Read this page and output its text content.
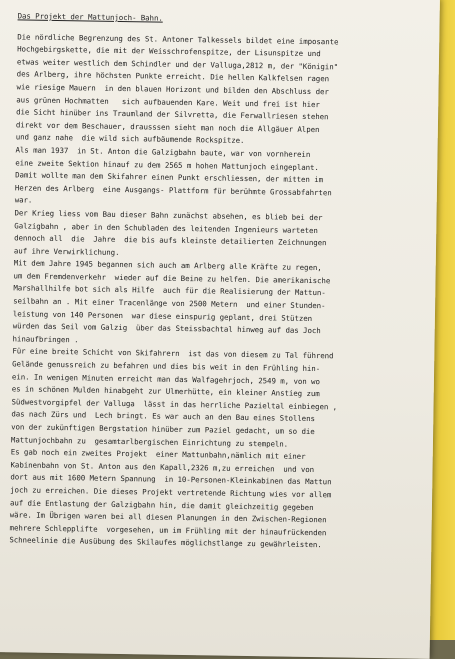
Das Projekt der Mattunjoch- Bahn.
Die nördliche Begrenzung des St. Antoner Talkessels bildet eine imposante
Hochgebirgskette, die mit der Weisschrofenspitze, der Lisunspitze und
etwas weiter westlich dem Schindler und der Valluga,2812 m, der "Königin"
des Arlberg, ihre höchsten Punkte erreicht. Die hellen Kalkfelsen ragen
wie riesige Mauern  in den blauen Horizont und bilden den Abschluss der
aus grünen Hochmatten   sich aufbauenden Kare. Weit und frei ist hier
die Sicht hinüber ins Traumland der Silvretta, die Ferwallriesen stehen
direkt vor dem Beschauer, drausssen sieht man noch die Allgäuer Alpen
und ganz nahe  die wild sich aufbäumende Rockspitze.
Als man 1937  in St. Anton die Galzigbahn baute, war von vornherein
eine zweite Sektion hinauf zu dem 2565 m hohen Mattunjoch eingeplant.
Damit wollte man dem Skifahrer einen Punkt erschliessen, der mitten im
Herzen des Arlberg  eine Ausgangs- Plattform für berühmte Grossabfahrten
war.
Der Krieg liess vom Bau dieser Bahn zunächst absehen, es blieb bei der
Galzigbahn , aber in den Schubladen des leitenden Ingenieurs warteten
dennoch all  die  Jahre  die bis aufs kleinste detailierten Zeichnungen
auf ihre Verwirklichung.
Mit dem Jahre 1945 begannen sich auch am Arlberg alle Kräfte zu regen,
um dem Fremdenverkehr  wieder auf die Beine zu helfen. Die amerikanische
Marshallhilfe bot sich als Hilfe  auch für die Realisierung der Mattun-
seilbahn an . Mit einer Tracenlänge von 2500 Metern  und einer Stunden-
leistung von 140 Personen  war diese einspurig geplant, drei Stützen
würden das Seil vom Galzig  über das Steissbachtal hinweg auf das Joch
hinaufbringen .
Für eine breite Schicht von Skifahrern  ist das von diesem zu Tal führend
Gelände genussreich zu befahren und dies bis weit in den Frühling hin-
ein. In wenigen Minuten erreicht man das Walfagehrjoch, 2549 m, von wo
es in schönen Mulden hinabgeht zur Ulmerhütte, ein kleiner Anstieg zum
Südwestvorgipfel der Valluga  lässt in das herrliche Pazieltal einbiegen ,
das nach Zürs und  Lech bringt. Es war auch an den Bau eines Stollens
von der zukünftigen Bergstation hinüber zum Paziel gedacht, um so die
Mattunjochbahn zu  gesamtarlbergischen Einrichtung zu stempeln.
Es gab noch ein zweites Projekt  einer Mattunbahn,nämlich mit einer
Kabinenbahn von St. Anton aus den Kapall,2326 m,zu erreichen  und von
dort aus mit 1600 Metern Spannung  in 10-Personen-Kleinkabinen das Mattun
joch zu erreichen. Die dieses Projekt vertretende Richtung wies vor allem
auf die Entlastung der Galzigbahn hin, die damit gleichzeitig gegeben
wäre. Im Übrigen waren bei all diesen Planungen in den Zwischen-Regionen
mehrere Schlepplifte  vorgesehen, um im Frühling mit der hinaufrückenden
Schneelinie die Ausübung des Skilaufes möglichstlange zu gewährleisten.
